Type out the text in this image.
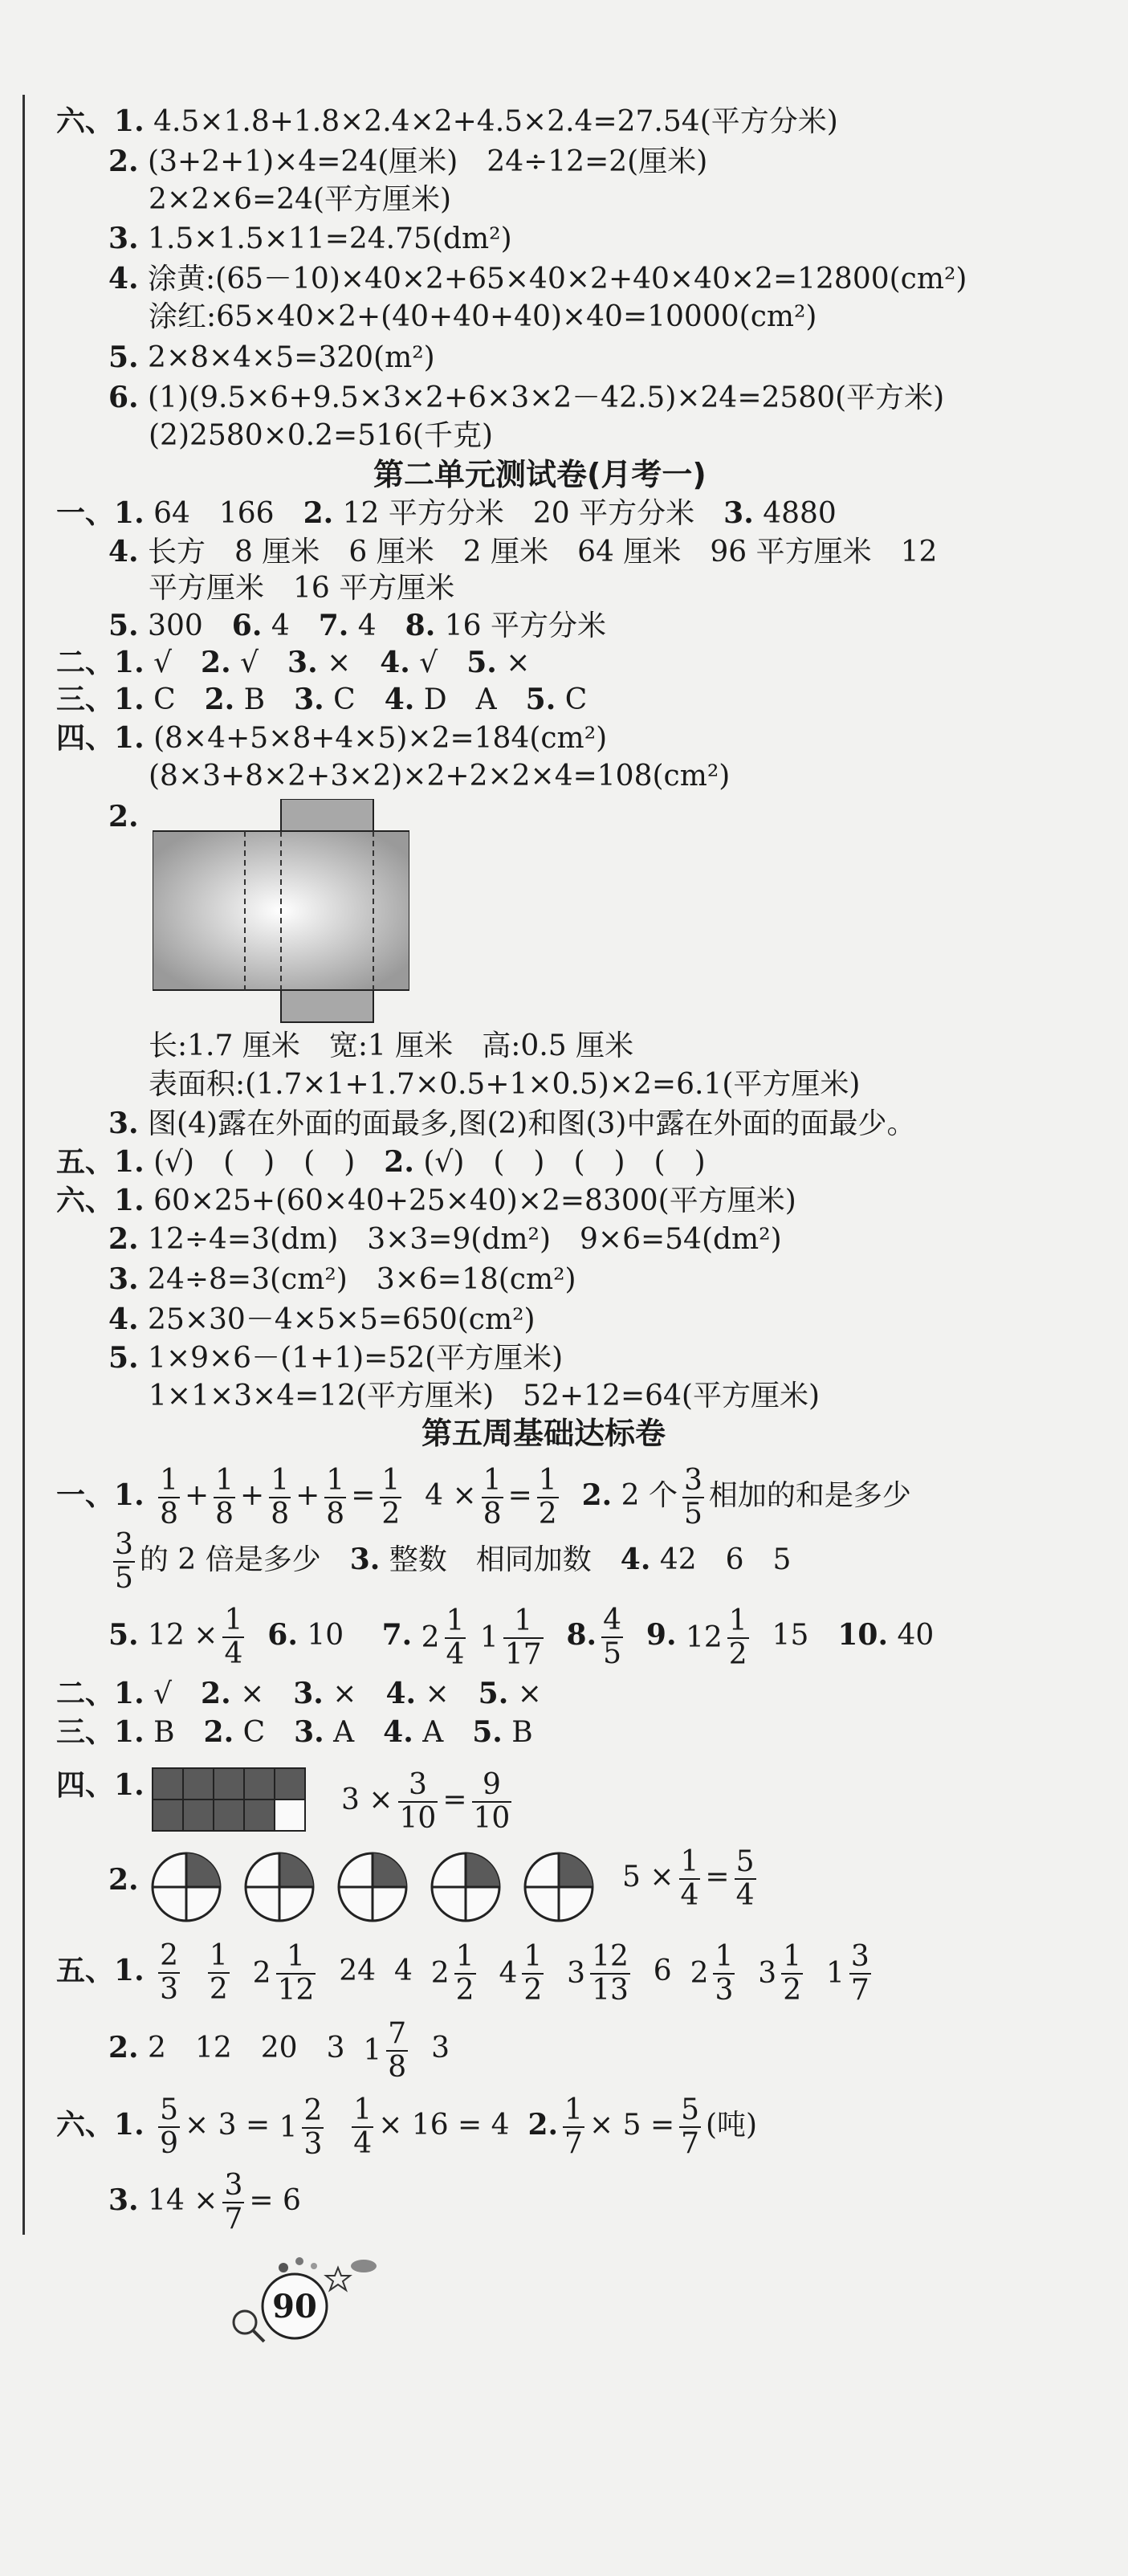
六、1. 4.5×1.8+1.8×2.4×2+4.5×2.4=27.54(平方分米)
2. (3+2+1)×4=24(厘米)　24÷12=2(厘米)
2×2×6=24(平方厘米)
3. 1.5×1.5×11=24.75(dm²)
4. 涂黄:(65－10)×40×2+65×40×2+40×40×2=12800(cm²)
涂红:65×40×2+(40+40+40)×40=10000(cm²)
5. 2×8×4×5=320(m²)
6. (1)(9.5×6+9.5×3×2+6×3×2－42.5)×24=2580(平方米)
(2)2580×0.2=516(千克)
第二单元测试卷(月考一)
一、1. 64　166　2. 12 平方分米　20 平方分米　3. 4880
4. 长方　8 厘米　6 厘米　2 厘米　64 厘米　96 平方厘米　12
平方厘米　16 平方厘米
5. 300　6. 4　7. 4　8. 16 平方分米
二、1. √　2. √　3. ×　4. √　5. ×
三、1. C　2. B　3. C　4. D　A　5. C
四、1. (8×4+5×8+4×5)×2=184(cm²)
(8×3+8×2+3×2)×2+2×2×4=108(cm²)
2.
长:1.7 厘米　宽:1 厘米　高:0.5 厘米
表面积:(1.7×1+1.7×0.5+1×0.5)×2=6.1(平方厘米)
3. 图(4)露在外面的面最多,图(2)和图(3)中露在外面的面最少。
五、1. (√)　(　)　(　)　2. (√)　(　)　(　)　(　)
六、1. 60×25+(60×40+25×40)×2=8300(平方厘米)
2. 12÷4=3(dm)　3×3=9(dm²)　9×6=54(dm²)
3. 24÷8=3(cm²)　3×6=18(cm²)
4. 25×30－4×5×5=650(cm²)
5. 1×9×6－(1+1)=52(平方厘米)
1×1×3×4=12(平方厘米)　52+12=64(平方厘米)
第五周基础达标卷
一、1. $\frac{1}{8} + \frac{1}{8} + \frac{1}{8} + \frac{1}{8} = \frac{1}{2} 4 \times \frac{1}{8} = \frac{1}{2} 2$. 2 个 $\frac{3}{5}$ 相加的和是多少
$\frac{3}{5}$ 的 2 倍是多少　3. 整数　相同加数　4. 42　6　5
5. $12 \times \frac{1}{4} 6$. 10　 7. $2 \frac{1}{4} 1 \frac{1}{17} 8$. $\frac{4}{5} 9$. $12 \frac{1}{2} 15$　10. 40
二、1. √　2. ×　3. ×　4. ×　5. ×
三、1. B　2. C　3. A　4. A　5. B
四、1.	$3 \times \frac{3}{10} = \frac{9}{10}$
2.	$5 \times \frac{1}{4} = \frac{5}{4}$
五、1. $\frac{2}{3}$
$\frac{1}{2} 2 \frac{1}{12} 24$ 4 $2 \frac{1}{2} 4 \frac{1}{2} 3 \frac{12}{13} 6$ $2 \frac{1}{3} 3 \frac{1}{2} 1 \frac{3}{7}$
2. 2　12　20　3 $1 \frac{7}{8} 3$
六、1. $\frac{5}{9} \times 3 = 1 \frac{2}{3}$
$\frac{1}{4} \times 16 = 4$ 2. $\frac{1}{7} \times 5 = \frac{5}{7}$ (吨)
3. $14 \times \frac{3}{7} = 6$
90
